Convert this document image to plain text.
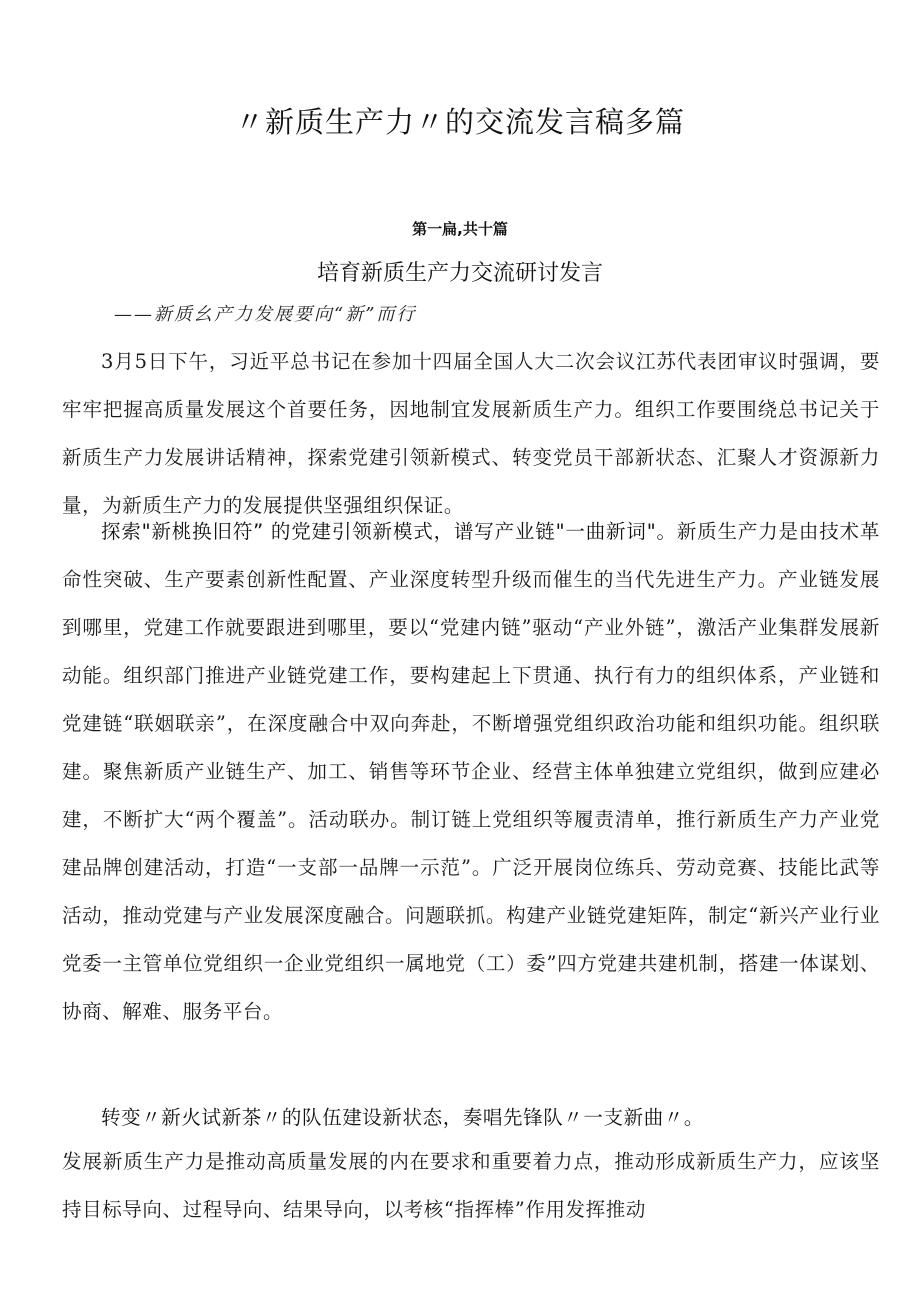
〃新质生产力〃的交流发言稿多篇
第一扁,共十篇
培育新质生产力交流研讨发言
——新质幺产力发展要向“新”而行

3月5日下午，习近平总书记在参加十四届全国人大二次会议江苏代表团审议时强调，要牢牢把握高质量发展这个首要任务，因地制宜发展新质生产力。组织工作要围绕总书记关于新质生产力发展讲话精神，探索党建引领新模式、转变党员干部新状态、汇聚人才资源新力量，为新质生产力的发展提供坚强组织保证。

探索"新桃换旧符” 的党建引领新模式，谱写产业链"一曲新词"。新质生产力是由技术革命性突破、生产要素创新性配置、产业深度转型升级而催生的当代先进生产力。产业链发展到哪里，党建工作就要跟进到哪里，要以“党建内链”驱动“产业外链”，激活产业集群发展新动能。组织部门推进产业链党建工作，要构建起上下贯通、执行有力的组织体系，产业链和党建链“联姻联亲”，在深度融合中双向奔赴，不断增强党组织政治功能和组织功能。组织联建。聚焦新质产业链生产、加工、销售等环节企业、经营主体单独建立党组织，做到应建必建，不断扩大“两个覆盖”。活动联办。制订链上党组织等履责清单，推行新质生产力产业党建品牌创建活动，打造“一支部一品牌一示范”。广泛开展岗位练兵、劳动竞赛、技能比武等活动，推动党建与产业发展深度融合。问题联抓。构建产业链党建矩阵，制定“新兴产业行业党委一主管单位党组织一企业党组织一属地党（工）委”四方党建共建机制，搭建一体谋划、协商、解难、服务平台。

转变〃新火试新茶〃的队伍建设新状态，奏唱先锋队〃一支新曲〃。

发展新质生产力是推动高质量发展的内在要求和重要着力点，推动形成新质生产力，应该坚持目标导向、过程导向、结果导向，以考核“指挥棒”作用发挥推动
